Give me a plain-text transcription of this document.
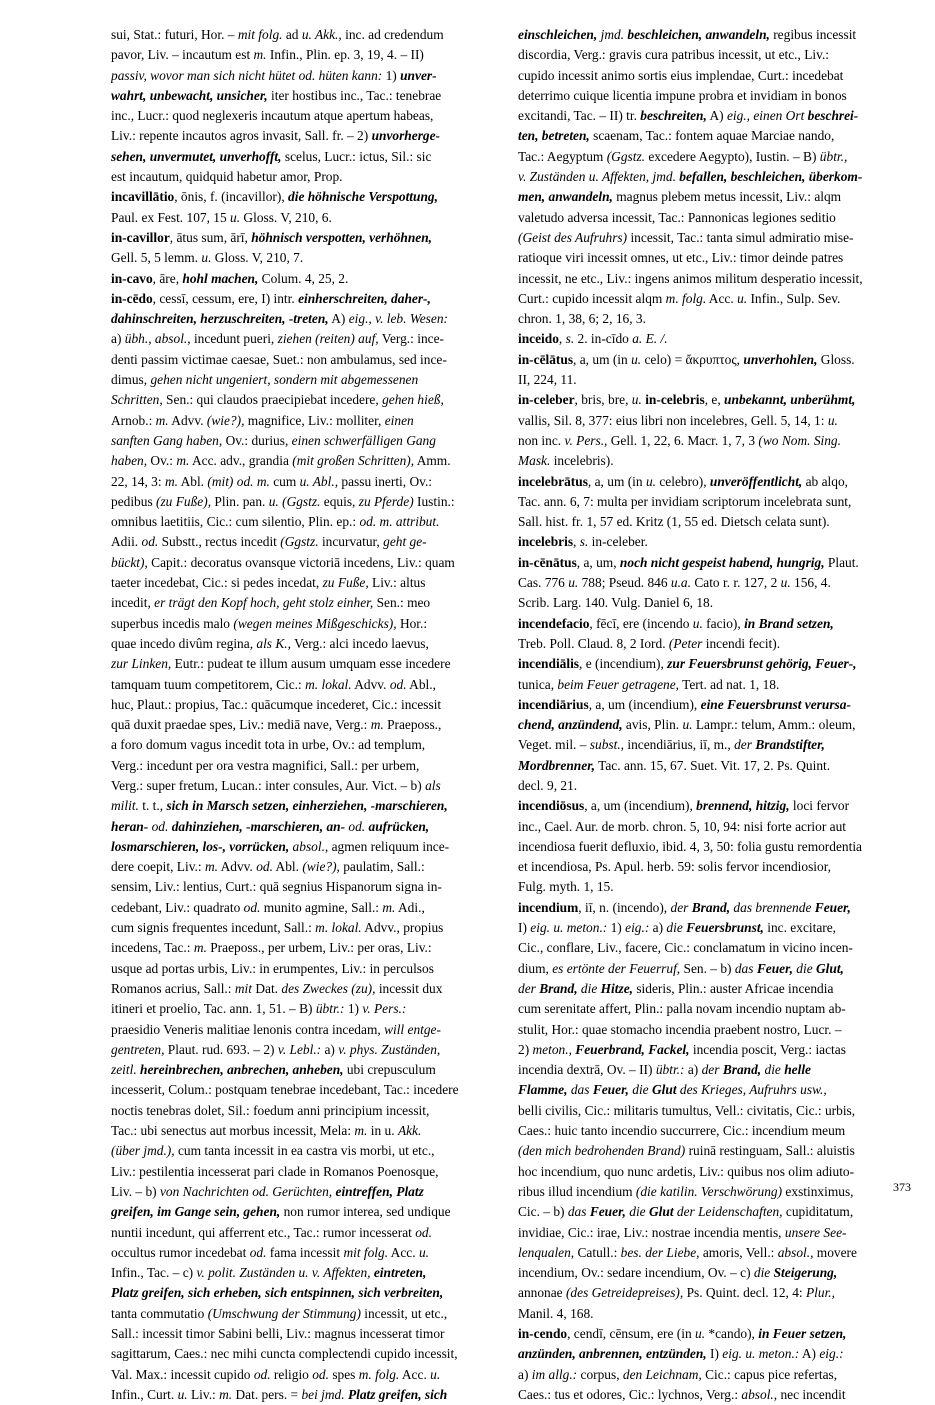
sui, Stat.: futuri, Hor. – mit folg. ad u. Akk., inc. ad credendum
pavor, Liv. – incautum est m. Infin., Plin. ep. 3, 19, 4. – II)
passiv, wovor man sich nicht hütet od. hüten kann: 1) unver-
wahrt, unbewacht, unsicher, iter hostibus inc., Tac.: tenebrae
inc., Lucr.: quod neglexeris incautum atque apertum habeas,
Liv.: repente incautos agros invasit, Sall. fr. – 2) unvorherge-
sehen, unvermutet, unverhofft, scelus, Lucr.: ictus, Sil.: sic
est incautum, quidquid habetur amor, Prop.
incavillātio, ōnis, f. (incavillor), die höhnische Verspottung,
Paul. ex Fest. 107, 15 u. Gloss. V, 210, 6.
in-cavillor, ātus sum, ārī, höhnisch verspotten, verhöhnen,
Gell. 5, 5 lemm. u. Gloss. V, 210, 7.
in-cavo, āre, hohl machen, Colum. 4, 25, 2.
in-cēdo, cessī, cessum, ere, I) intr. einherschreiten, daher-,
dahinschreiten, herzuschreiten, -treten, A) eig., v. leb. Wesen:
a) übh., absol., incedunt pueri, ziehen (reiten) auf, Verg.: ince-
denti passim victimae caesae, Suet.: non ambulamus, sed ince-
dimus, gehen nicht ungeniert, sondern mit abgemessenen
Schritten, Sen.: qui claudos praecipiebat incedere, gehen hieß,
Arnob.: m. Advv. (wie?), magnifice, Liv.: molliter, einen
sanften Gang haben, Ov.: durius, einen schwerfälligen Gang
haben, Ov.: m. Acc. adv., grandia (mit großen Schritten), Amm.
22, 14, 3: m. Abl. (mit) od. m. cum u. Abl., passu inerti, Ov.:
pedibus (zu Fuße), Plin. pan. u. (Ggstz. equis, zu Pferde) Iustin.:
omnibus laetitiis, Cic.: cum silentio, Plin. ep.: od. m. attribut.
Adii. od. Substt., rectus incedit (Ggstz. incurvatur, geht ge-
bückt), Capit.: decoratus ovansque victoriā incedens, Liv.: quam
taeter incedebat, Cic.: si pedes incedat, zu Fuße, Liv.: altus
incedit, er trägt den Kopf hoch, geht stolz einher, Sen.: meo
superbus incedis malo (wegen meines Mißgeschicks), Hor.:
quae incedo divûm regina, als K., Verg.: alci incedo laevus,
zur Linken, Eutr.: pudeat te illum ausum umquam esse incedere
tamquam tuum competitorem, Cic.: m. lokal. Advv. od. Abl.,
huc, Plaut.: propius, Tac.: quācumque incederet, Cic.: incessit
quā duxit praedae spes, Liv.: mediā nave, Verg.: m. Praeposs.,
a foro domum vagus incedit tota in urbe, Ov.: ad templum,
Verg.: incedunt per ora vestra magnifici, Sall.: per urbem,
Verg.: super fretum, Lucan.: inter consules, Aur. Vict. – b) als
milit. t. t., sich in Marsch setzen, einherziehen, -marschieren,
heran- od. dahinziehen, -marschieren, an- od. aufrücken,
losmarschieren, los-, vorrücken, absol., agmen reliquum ince-
dere coepit, Liv.: m. Advv. od. Abl. (wie?), paulatim, Sall.:
sensim, Liv.: lentius, Curt.: quā segnius Hispanorum signa in-
cedebant, Liv.: quadrato od. munito agmine, Sall.: m. Adi.,
cum signis frequentes incedunt, Sall.: m. lokal. Advv., propius
incedens, Tac.: m. Praeposs., per urbem, Liv.: per oras, Liv.:
usque ad portas urbis, Liv.: in erumpentes, Liv.: in perculsos
Romanos acrius, Sall.: mit Dat. des Zweckes (zu), incessit dux
itineri et proelio, Tac. ann. 1, 51. – B) übtr.: 1) v. Pers.:
praesidio Veneris malitiae lenonis contra incedam, will entge-
gentreten, Plaut. rud. 693. – 2) v. Lebl.: a) v. phys. Zuständen,
zeitl. hereinbrechen, anbrechen, anheben, ubi crepusculum
incesserit, Colum.: postquam tenebrae incedebant, Tac.: incedere
noctis tenebras dolet, Sil.: foedum anni principium incessit,
Tac.: ubi senectus aut morbus incessit, Mela: m. in u. Akk.
(über jmd.), cum tanta incessit in ea castra vis morbi, ut etc.,
Liv.: pestilentia incesserat pari clade in Romanos Poenosque,
Liv. – b) von Nachrichten od. Gerüchten, eintreffen, Platz
greifen, im Gange sein, gehen, non rumor interea, sed undique
nuntii incedunt, qui afferrent etc., Tac.: rumor incesserat od.
occultus rumor incedebat od. fama incessit mit folg. Acc. u.
Infin., Tac. – c) v. polit. Zuständen u. v. Affekten, eintreten,
Platz greifen, sich erheben, sich entspinnen, sich verbreiten,
tanta commutatio (Umschwung der Stimmung) incessit, ut etc.,
Sall.: incessit timor Sabini belli, Liv.: magnus incesserat timor
sagittarum, Caes.: nec mihi cuncta complectendi cupido incessit,
Val. Max.: incessit cupido od. religio od. spes m. folg. Acc. u.
Infin., Curt. u. Liv.: m. Dat. pers. = bei jmd. Platz greifen, sich
einschleichen, jmd. beschleichen, anwandeln, regibus incessit
discordia, Verg.: gravis cura patribus incessit, ut etc., Liv.:
cupido incessit animo sortis eius implendae, Curt.: incedebat
deterrimo cuique licentia impune probra et invidiam in bonos
excitandi, Tac. – II) tr. beschreiten, A) eig., einen Ort beschrei-
ten, betreten, scaenam, Tac.: fontem aquae Marciae nando,
Tac.: Aegyptum (Ggstz. excedere Aegypto), Iustin. – B) übtr.,
v. Zuständen u. Affekten, jmd. befallen, beschleichen, überkom-
men, anwandeln, magnus plebem metus incessit, Liv.: alqm
valetudo adversa incessit, Tac.: Pannonicas legiones seditio
(Geist des Aufruhrs) incessit, Tac.: tanta simul admiratio mise-
ratioque viri incessit omnes, ut etc., Liv.: timor deinde patres
incessit, ne etc., Liv.: ingens animos militum desperatio incessit,
Curt.: cupido incessit alqm m. folg. Acc. u. Infin., Sulp. Sev.
chron. 1, 38, 6; 2, 16, 3.
inceido, s. 2. in-cīdo a. E. /.
in-cēlātus, a, um (in u. celo) = ἄκρυπτος, unverhohlen, Gloss.
II, 224, 11.
in-celeber, bris, bre, u. in-celebris, e, unbekannt, unberühmt,
vallis, Sil. 8, 377: eius libri non incelebres, Gell. 5, 14, 1: u.
non inc. v. Pers., Gell. 1, 22, 6. Macr. 1, 7, 3 (wo Nom. Sing.
Mask. incelebris).
incelebrātus, a, um (in u. celebro), unveröffentlicht, ab alqo,
Tac. ann. 6, 7: multa per invidiam scriptorum incelebrata sunt,
Sall. hist. fr. 1, 57 ed. Kritz (1, 55 ed. Dietsch celata sunt).
incelebris, s. in-celeber.
in-cēnātus, a, um, noch nicht gespeist habend, hungrig, Plaut.
Cas. 776 u. 788; Pseud. 846 u.a. Cato r. r. 127, 2 u. 156, 4.
Scrib. Larg. 140. Vulg. Daniel 6, 18.
incendefacio, fēcī, ere (incendo u. facio), in Brand setzen,
Treb. Poll. Claud. 8, 2 Iord. (Peter incendi fecit).
incendiālis, e (incendium), zur Feuersbrunst gehörig, Feuer-,
tunica, beim Feuer getragene, Tert. ad nat. 1, 18.
incendiārius, a, um (incendium), eine Feuersbrunst verursa-
chend, anzündend, avis, Plin. u. Lampr.: telum, Amm.: oleum,
Veget. mil. – subst., incendiārius, iī, m., der Brandstifter,
Mordbrenner, Tac. ann. 15, 67. Suet. Vit. 17, 2. Ps. Quint.
decl. 9, 21.
incendiōsus, a, um (incendium), brennend, hitzig, loci fervor
inc., Cael. Aur. de morb. chron. 5, 10, 94: nisi forte acrior aut
incendiosa fuerit defluxio, ibid. 4, 3, 50: folia gustu remordentia
et incendiosa, Ps. Apul. herb. 59: solis fervor incendiosior,
Fulg. myth. 1, 15.
incendium, iī, n. (incendo), der Brand, das brennende Feuer,
I) eig. u. meton.: 1) eig.: a) die Feuersbrunst, inc. excitare,
Cic., conflare, Liv., facere, Cic.: conclamatum in vicino incen-
dium, es ertönte der Feuerruf, Sen. – b) das Feuer, die Glut,
der Brand, die Hitze, sideris, Plin.: auster Africae incendia
cum serenitate affert, Plin.: palla novam incendio nuptam ab-
stulit, Hor.: quae stomacho incendia praebent nostro, Lucr. –
2) meton., Feuerbrand, Fackel, incendia poscit, Verg.: iactas
incendia dextrā, Ov. – II) übtr.: a) der Brand, die helle
Flamme, das Feuer, die Glut des Krieges, Aufruhrs usw.,
belli civilis, Cic.: militaris tumultus, Vell.: civitatis, Cic.: urbis,
Caes.: huic tanto incendio succurrere, Cic.: incendium meum
(den mich bedrohenden Brand) ruinā restinguam, Sall.: aluistis
hoc incendium, quo nunc ardetis, Liv.: quibus nos olim adiuto-
ribus illud incendium (die katilin. Verschwörung) exstinximus,
Cic. – b) das Feuer, die Glut der Leidenschaften, cupiditatum,
invidiae, Cic.: irae, Liv.: nostrae incendia mentis, unsere See-
lenqualen, Catull.: bes. der Liebe, amoris, Vell.: absol., movere
incendium, Ov.: sedare incendium, Ov. – c) die Steigerung,
annonae (des Getreidepreises), Ps. Quint. decl. 12, 4: Plur.,
Manil. 4, 168.
in-cendo, cendī, cēnsum, ere (in u. *cando), in Feuer setzen,
anzünden, anbrennen, entzünden, I) eig. u. meton.: A) eig.:
a) im allg.: corpus, den Leichnam, Cic.: capus pice refertas,
Caes.: tus et odores, Cic.: lychnos, Verg.: absol., nec incendit
373
